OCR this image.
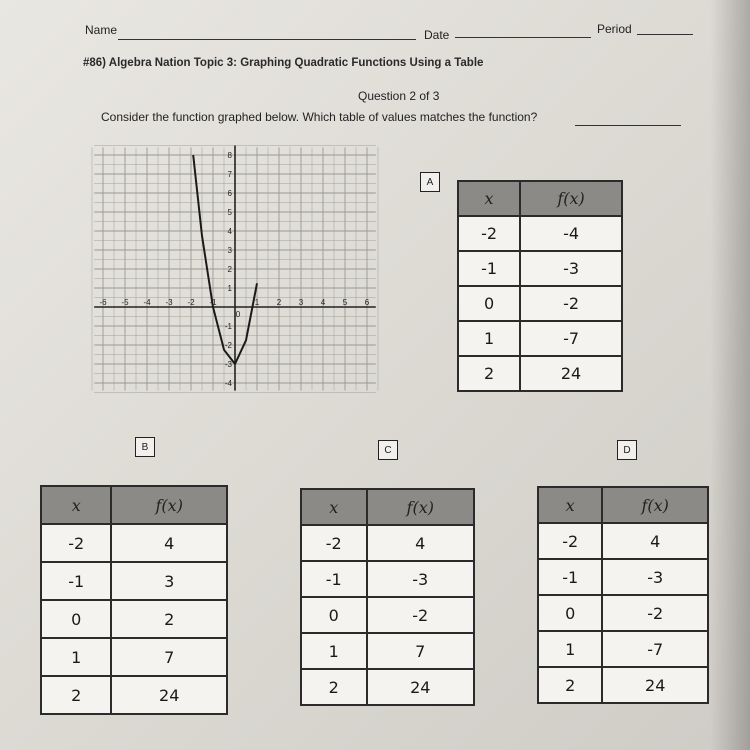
Name	Date	Period
#86) Algebra Nation Topic 3: Graphing Quadratic Functions Using a Table
Question 2 of 3
Consider the function graphed below. Which table of values matches the function?
-6 -5 -4 -3 -2 -1
0
1 2 3 4 5 6
8
7
6
5
4
3
2
1
-1
-2
-3
-4
A
B	C	D
x	f(x)
-2	-4
-1	-3
0	-2
1	-7
2	24
x	f(x)
-2	4
-1	3
0	2
1	7
2	24
x	f(x)
-2	4
-1	-3
0	-2
1	7
2	24
x	f(x)
-2	4
-1	-3
0	-2
1	-7
2	24
